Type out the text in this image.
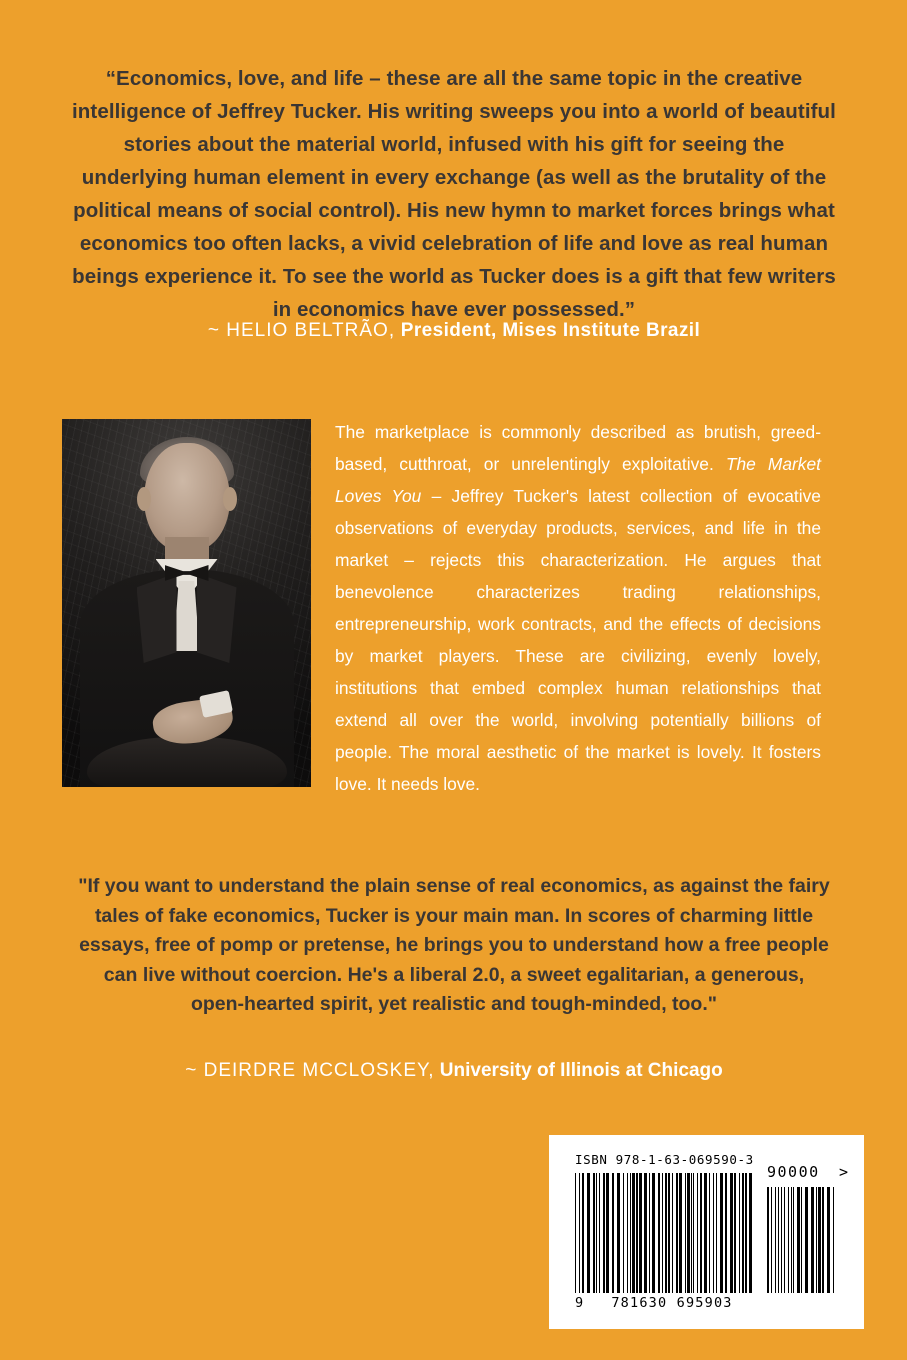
“Economics, love, and life – these are all the same topic in the creative intelligence of Jeffrey Tucker. His writing sweeps you into a world of beautiful stories about the material world, infused with his gift for seeing the underlying human element in every exchange (as well as the brutality of the political means of social control). His new hymn to market forces brings what economics too often lacks, a vivid celebration of life and love as real human beings experience it. To see the world as Tucker does is a gift that few writers in economics have ever possessed.”
~ HELIO BELTRÃO, President, Mises Institute Brazil
The marketplace is commonly described as brutish, greed-based, cutthroat, or unrelentingly exploitative. The Market Loves You – Jeffrey Tucker's latest collection of evocative observations of everyday products, services, and life in the market – rejects this characterization. He argues that benevolence characterizes trading relationships, entrepreneurship, work contracts, and the effects of decisions by market players. These are civilizing, evenly lovely, institutions that embed complex human relationships that extend all over the world, involving potentially billions of people. The moral aesthetic of the market is lovely. It fosters love. It needs love.
"If you want to understand the plain sense of real economics, as against the fairy tales of fake economics, Tucker is your main man. In scores of charming little essays, free of pomp or pretense, he brings you to understand how a free people can live without coercion. He's a liberal 2.0, a sweet egalitarian, a generous, open-hearted spirit, yet realistic and tough-minded, too."
~ DEIRDRE MCCLOSKEY, University of Illinois at Chicago
ISBN 978-1-63-069590-3
9	781630 695903
90000 >
